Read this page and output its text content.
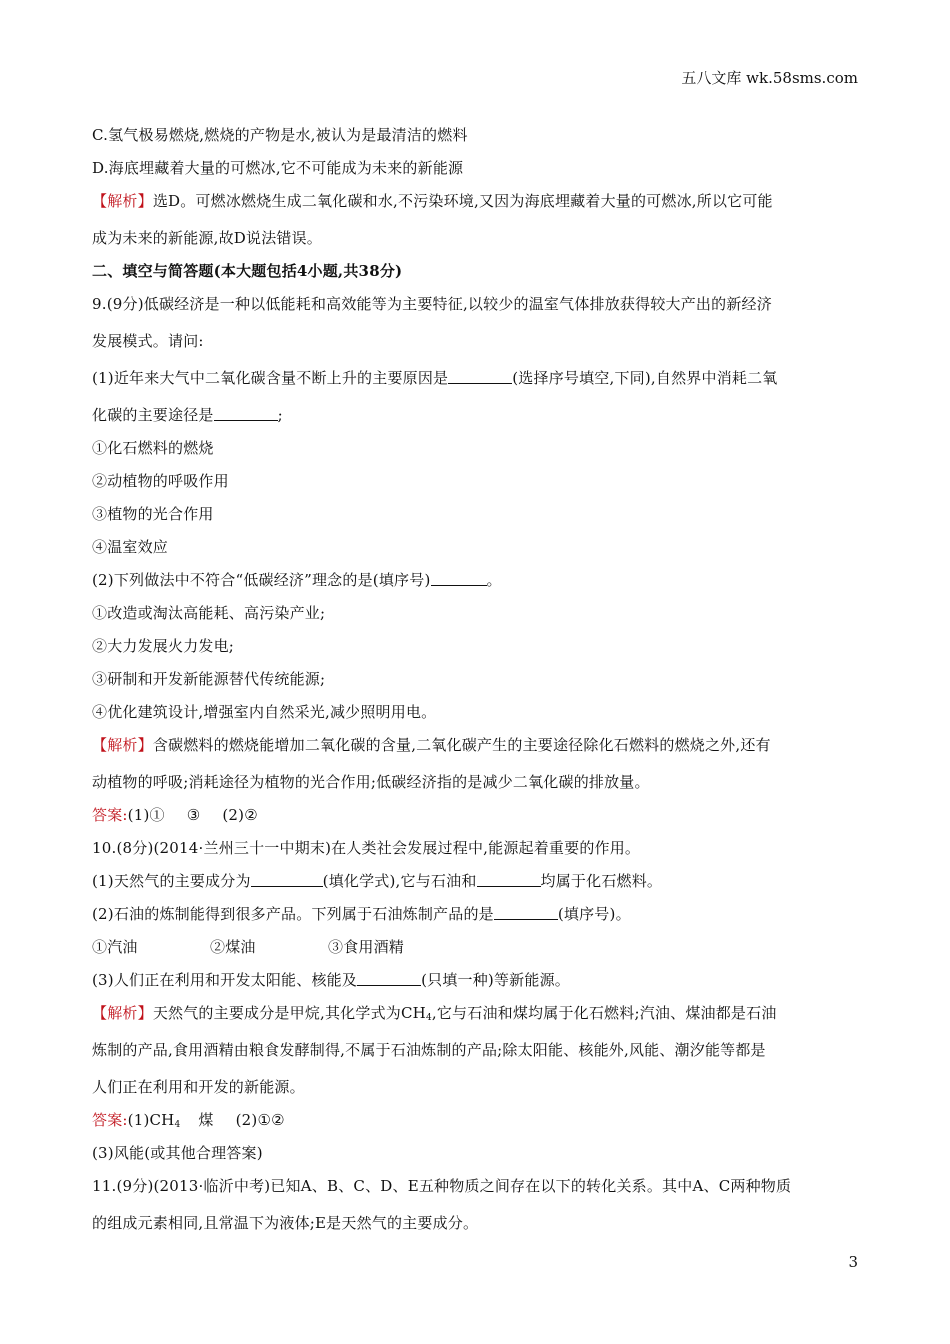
五八文库 wk.58sms.com
C.氢气极易燃烧,燃烧的产物是水,被认为是最清洁的燃料
D.海底埋藏着大量的可燃冰,它不可能成为未来的新能源
【解析】选D。可燃冰燃烧生成二氧化碳和水,不污染环境,又因为海底埋藏着大量的可燃冰,所以它可能
成为未来的新能源,故D说法错误。
二、填空与简答题(本大题包括4小题,共38分)
9.(9分)低碳经济是一种以低能耗和高效能等为主要特征,以较少的温室气体排放获得较大产出的新经济
发展模式。请问:
(1)近年来大气中二氧化碳含量不断上升的主要原因是	(选择序号填空,下同),自然界中消耗二氧
化碳的主要途径是	;
①化石燃料的燃烧
②动植物的呼吸作用
③植物的光合作用
④温室效应
(2)下列做法中不符合“低碳经济”理念的是(填序号)	。
①改造或淘汰高能耗、高污染产业;
②大力发展火力发电;
③研制和开发新能源替代传统能源;
④优化建筑设计,增强室内自然采光,减少照明用电。
【解析】含碳燃料的燃烧能增加二氧化碳的含量,二氧化碳产生的主要途径除化石燃料的燃烧之外,还有
动植物的呼吸;消耗途径为植物的光合作用;低碳经济指的是减少二氧化碳的排放量。
答案:(1)① ③ (2)②
10.(8分)(2014·兰州三十一中期末)在人类社会发展过程中,能源起着重要的作用。
(1)天然气的主要成分为	(填化学式),它与石油和	均属于化石燃料。
(2)石油的炼制能得到很多产品。下列属于石油炼制产品的是	(填序号)。
①汽油	②煤油	③食用酒精
(3)人们正在利用和开发太阳能、核能及	(只填一种)等新能源。
【解析】天然气的主要成分是甲烷,其化学式为$CH_4$,它与石油和煤均属于化石燃料;汽油、煤油都是石油
炼制的产品,食用酒精由粮食发酵制得,不属于石油炼制的产品;除太阳能、核能外,风能、潮汐能等都是
人们正在利用和开发的新能源。
答案$:(1)CH_4$ 煤 (2)①②
(3)风能(或其他合理答案)
11.(9分)(2013·临沂中考)已知A、B、C、D、E五种物质之间存在以下的转化关系。其中A、C两种物质
的组成元素相同,且常温下为液体;E是天然气的主要成分。
3
